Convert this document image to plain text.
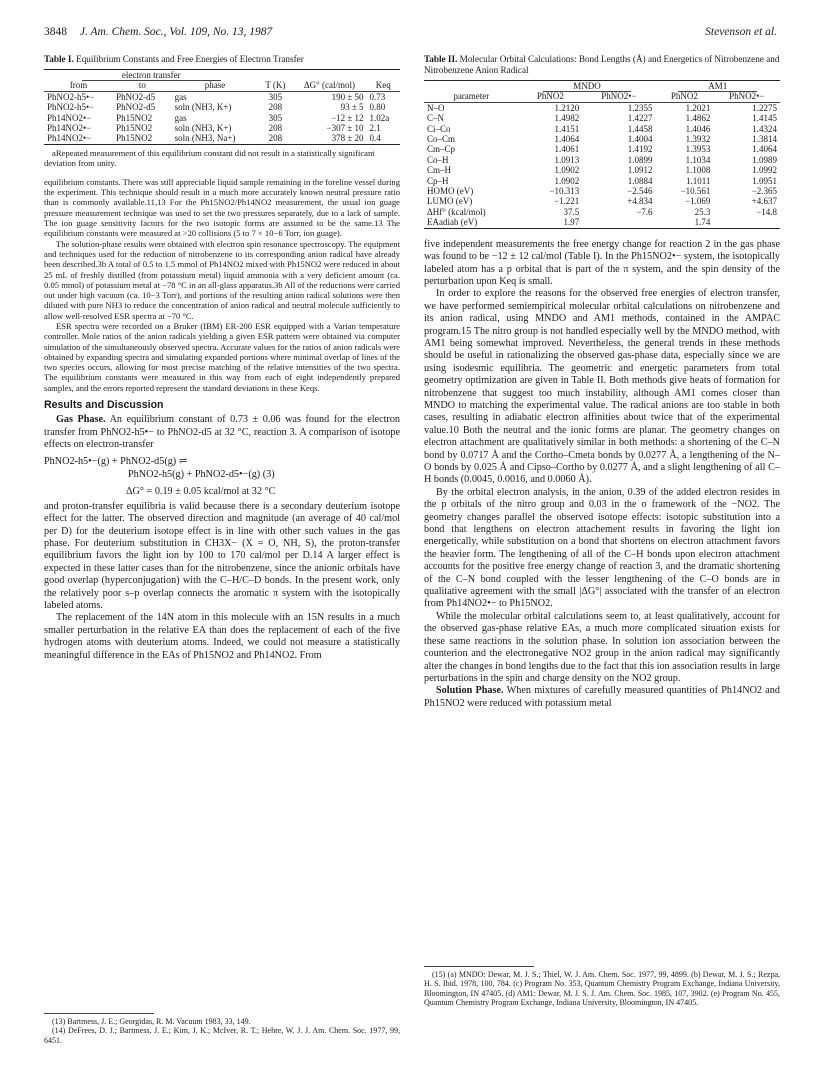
3848 J. Am. Chem. Soc., Vol. 109, No. 13, 1987	Stevenson et al.
Table I. Equilibrium Constants and Free Energies of Electron Transfer
electron transfer					
from	to	phase	T (K)	ΔG° (cal/mol)	Keq
PhNO2-h5•−	PhNO2-d5	gas	305	190 ± 50	0.73
PhNO2-h5•−	PhNO2-d5	soln (NH3, K+)	208	93 ± 5	0.80
Ph14NO2•−	Ph15NO2	gas	305	−12 ± 12	1.02a
Ph14NO2•−	Ph15NO2	soln (NH3, K+)	208	−307 ± 10	2.1
Ph14NO2•−	Ph15NO2	soln (NH3, Na+)	208	378 ± 20	0.4
aRepeated measurement of this equilibrium constant did not result in a statistically significant deviation from unity.

equilibrium constants. There was still appreciable liquid sample remaining in the foreline vessel during the experiment. This technique should result in a much more accurately known neutral pressure ratio than is commonly available.11,13 For the Ph15NO2/Ph14NO2 measurement, the usual ion guage pressure measurement technique was used to set the two pressures separately, due to a lack of sample. The ion guage sensitivity factors for the two isotopic forms are assumed to be the same.13 The equilibrium constants were measured at >20 collisions (5 to 7 × 10−6 Torr, ion guage).

The solution-phase results were obtained with electron spin resonance spectroscopy. The equipment and techniques used for the reduction of nitrobenzene to its corresponding anion radical have already been described.3b A total of 0.5 to 1.5 mmol of Ph14NO2 mixed with Ph15NO2 were reduced in about 25 mL of freshly distilled (from potassium metal) liquid ammonia with a very deficient amount (ca. 0.05 mmol) of potassium metal at −78 °C in an all-glass apparatus.3b All of the reductions were carried out under high vacuum (ca. 10−3 Torr), and portions of the resulting anion radical solutions were then diluted with pure NH3 to reduce the concentration of anion radical and neutral molecule sufficiently to allow well-resolved ESR spectra at −70 °C.

ESR spectra were recorded on a Bruker (IBM) ER-200 ESR equipped with a Varian temperature controller. Mole ratios of the anion radicals yielding a given ESR pattern were obtained via computer simulation of the simultaneously observed spectra. Accurate values for the ratios of anion radicals were obtained by expanding spectra and simulating expanded portions where minimal overlap of lines of the two species occurs, allowing for most precise matching of the relative intensities of the two spectra. The equilibrium constants were measured in this way from each of eight independently prepared samples, and the errors reported represent the standard deviations in these Keqs.

Results and Discussion

Gas Phase. An equilibrium constant of 0.73 ± 0.06 was found for the electron transfer from PhNO2-h5•− to PhNO2-d5 at 32 °C, reaction 3. A comparison of isotope effects on electron-transfer

PhNO2-h5•−(g) + PhNO2-d5(g) ⇌
PhNO2-h5(g) + PhNO2-d5•−(g) (3)
ΔG° = 0.19 ± 0.05 kcal/mol at 32 °C

and proton-transfer equilibria is valid because there is a secondary deuterium isotope effect for the latter. The observed direction and magnitude (an average of 40 cal/mol per D) for the deuterium isotope effect is in line with other such values in the gas phase. For deuterium substitution in CH3X− (X = O, NH, S), the proton-transfer equilibrium favors the light ion by 100 to 170 cal/mol per D.14 A larger effect is expected in these latter cases than for the nitrobenzene, since the anionic orbitals have good overlap (hyperconjugation) with the C–H/C–D bonds. In the present work, only the relatively poor s–p overlap connects the aromatic π system with the isotopically labeled atoms.

The replacement of the 14N atom in this molecule with an 15N results in a much smaller perturbation in the relative EA than does the replacement of each of the five hydrogen atoms with deuterium atoms. Indeed, we could not measure a statistically meaningful difference in the EAs of Ph15NO2 and Ph14NO2. From

(13) Bartmess, J. E.; Georgidas, R. M. Vacuum 1983, 33, 149.

(14) DeFrees, D. J.; Bartmess, J. E.; Kim, J. K.; McIver, R. T.; Hehre, W. J. J. Am. Chem. Soc. 1977, 99, 6451.

Table II. Molecular Orbital Calculations: Bond Lengths (Å) and Energetics of Nitrobenzene and Nitrobenzene Anion Radical
	MNDO		AM1	
parameter	PhNO2	PhNO2•−	PhNO2	PhNO2•−
N–O	1.2120	1.2355	1.2021	1.2275
C–N	1.4982	1.4227	1.4862	1.4145
Ci–Co	1.4151	1.4458	1.4046	1.4324
Co–Cm	1.4064	1.4004	1.3932	1.3814
Cm–Cp	1.4061	1.4192	1.3953	1.4064
Co–H	1.0913	1.0899	1.1034	1.0989
Cm–H	1.0902	1.0912	1.1008	1.0992
Cp–H	1.0902	1.0884	1.1011	1.0951
HOMO (eV)	−10.313	−2.546	−10.561	−2.365
LUMO (eV)	−1.221	+4.834	−1.069	+4.637
ΔHf° (kcal/mol)	37.5	−7.6	25.3	−14.8
EAadiab (eV)	1.97		1.74	

five independent measurements the free energy change for reaction 2 in the gas phase was found to be −12 ± 12 cal/mol (Table I). In the Ph15NO2•− system, the isotopically labeled atom has a p orbital that is part of the π system, and the spin density of the perturbation upon Keq is small.

In order to explore the reasons for the observed free energies of electron transfer, we have performed semiempirical molecular orbital calculations on nitrobenzene and its anion radical, using MNDO and AM1 methods, contained in the AMPAC program.15 The nitro group is not handled especially well by the MNDO method, with AM1 being somewhat improved. Nevertheless, the general trends in these methods should be useful in rationalizing the observed gas-phase data, especially since we are using isodesmic equilibria. The geometric and energetic parameters from total geometry optimization are given in Table II. Both methods give heats of formation for nitrobenzene that suggest too much instability, although AM1 comes closer than MNDO to matching the experimental value. The radical anions are too stable in both cases, resulting in adiabatic electron affinities about twice that of the experimental value.10 Both the neutral and the ionic forms are planar. The geometry changes on electron attachment are qualitatively similar in both methods: a shortening of the C–N bond by 0.0717 Å and the Cortho–Cmeta bonds by 0.0277 Å, a lengthening of the N–O bonds by 0.025 Å and Cipso–Cortho by 0.0277 Å, and a slight lengthening of all C–H bonds (0.0045, 0.0016, and 0.0060 Å).

By the orbital electron analysis, in the anion, 0.39 of the added electron resides in the p orbitals of the nitro group and 0.03 in the σ framework of the −NO2. The geometry changes parallel the observed isotope effects: isotopic substitution into a bond that lengthens on electron attachement results in favoring the light ion energetically, while substitution on a bond that shortens on electron attachment favors the heavier form. The lengthening of all of the C–H bonds upon electron attachment accounts for the positive free energy change of reaction 3, and the dramatic shortening of the C–N bond coupled with the lesser lengthening of the C–O bonds are in qualitative agreement with the small |ΔG°| associated with the transfer of an electron from Ph14NO2•− to Ph15NO2.

While the molecular orbital calculations seem to, at least qualitatively, account for the observed gas-phase relative EAs, a much more complicated situation exists for these same reactions in the solution phase. In solution ion association between the counterion and the electronegative NO2 group in the anion radical may significantly alter the changes in bond lengths due to the fact that this ion association results in large perturbations in the spin and charge density on the NO2 group.

Solution Phase. When mixtures of carefully measured quantities of Ph14NO2 and Ph15NO2 were reduced with potassium metal

(15) (a) MNDO: Dewar, M. J. S.; Thiel, W. J. Am. Chem. Soc. 1977, 99, 4899. (b) Dewar, M. J. S.; Rezpa, H. S. Ibid. 1978, 100, 784. (c) Program No. 353, Quantum Chemistry Program Exchange, Indiana University, Bloomington, IN 47405. (d) AM1: Dewar, M. J. S. J. Am. Chem. Soc. 1985, 107, 3902. (e) Program No. 455, Quantum Chemistry Program Exchange, Indiana University, Bloomington, IN 47405.
